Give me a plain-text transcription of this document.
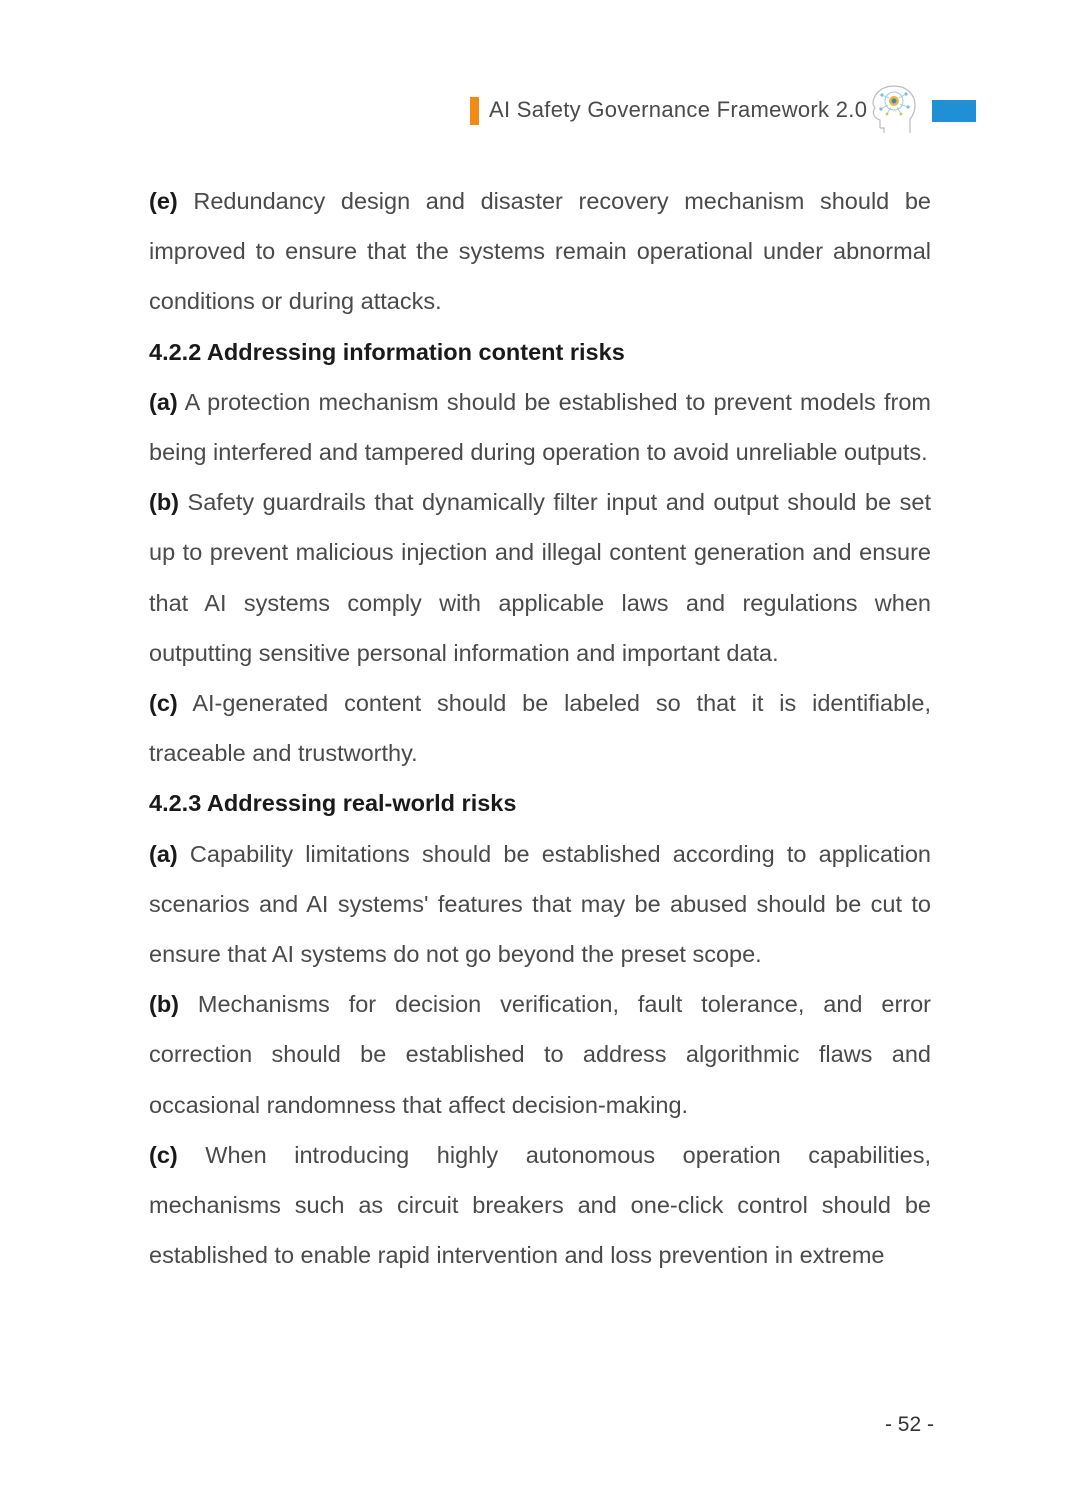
AI Safety Governance Framework 2.0

(e) Redundancy design and disaster recovery mechanism should be improved to ensure that the systems remain operational under abnormal conditions or during attacks.

4.2.2 Addressing information content risks

(a) A protection mechanism should be established to prevent models from being interfered and tampered during operation to avoid unreliable outputs.

(b) Safety guardrails that dynamically filter input and output should be set up to prevent malicious injection and illegal content generation and ensure that AI systems comply with applicable laws and regulations when outputting sensitive personal information and important data.

(c) AI-generated content should be labeled so that it is identifiable, traceable and trustworthy.

4.2.3 Addressing real-world risks

(a) Capability limitations should be established according to application scenarios and AI systems' features that may be abused should be cut to ensure that AI systems do not go beyond the preset scope.

(b) Mechanisms for decision verification, fault tolerance, and error correction should be established to address algorithmic flaws and occasional randomness that affect decision-making.

(c) When introducing highly autonomous operation capabilities, mechanisms such as circuit breakers and one-click control should be established to enable rapid intervention and loss prevention in extreme

- 52 -
